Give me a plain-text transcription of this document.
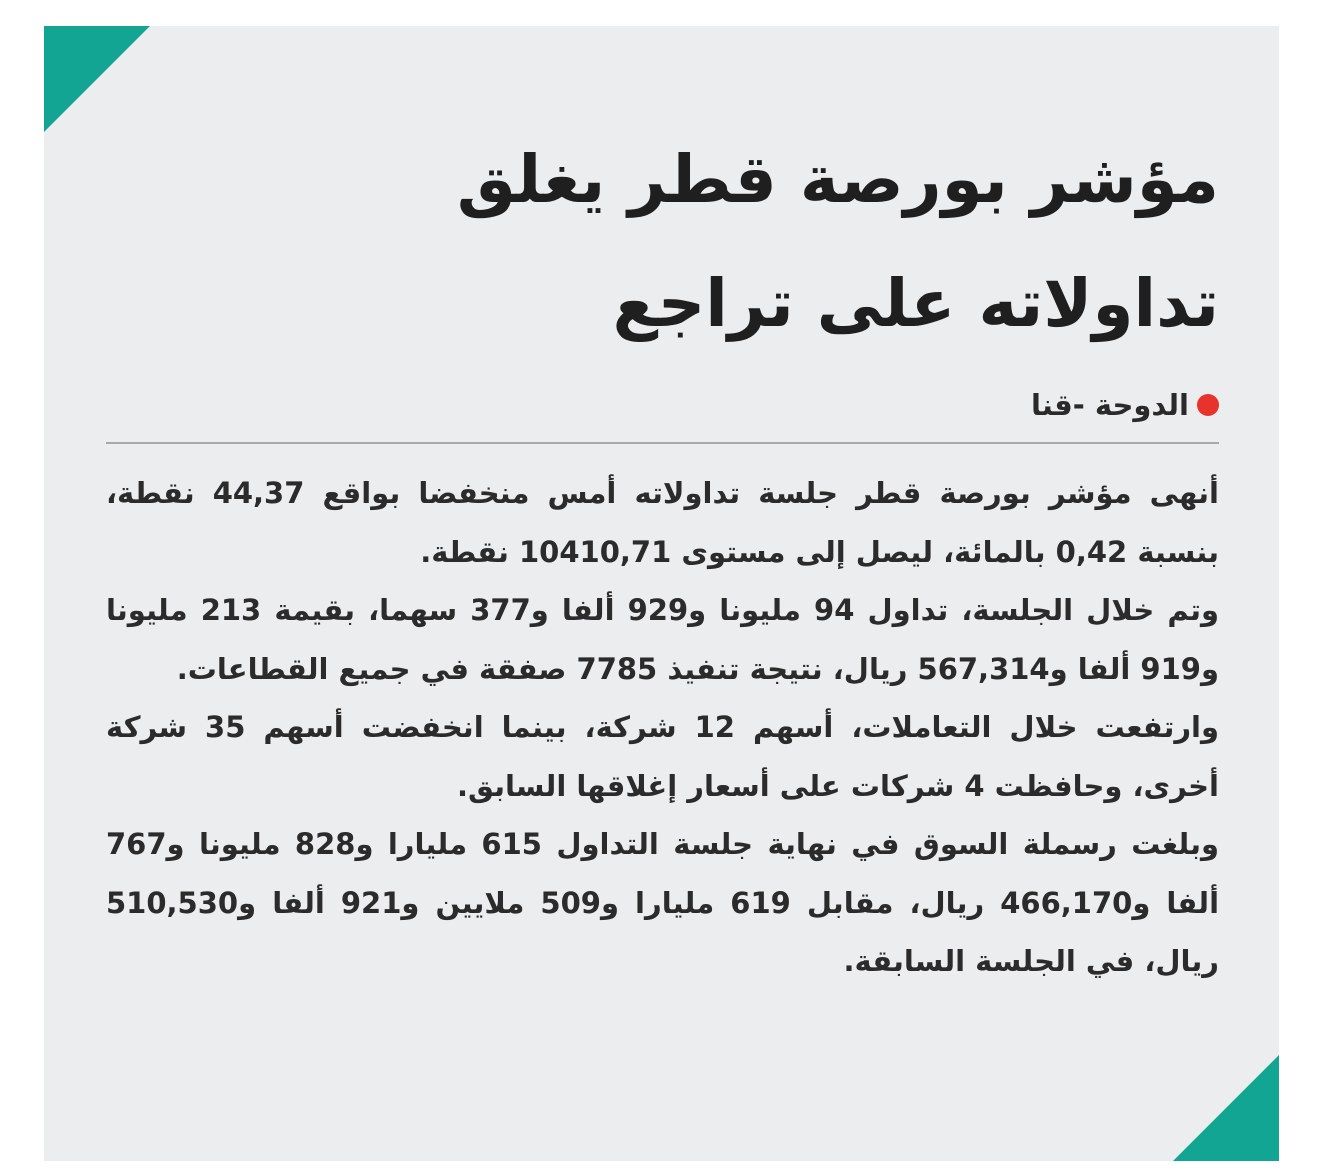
مؤشر بورصة قطر يغلق تداولاته على تراجع
الدوحة -قنا

أنهى مؤشر بورصة قطر جلسة تداولاته أمس منخفضا بواقع 44,37 نقطة، بنسبة 0,42 بالمائة، ليصل إلى مستوى 10410,71 نقطة.

وتم خلال الجلسة، تداول 94 مليونا و929 ألفا و377 سهما، بقيمة 213 مليونا و919 ألفا و567,314 ريال، نتيجة تنفيذ 7785 صفقة في جميع القطاعات.

وارتفعت خلال التعاملات، أسهم 12 شركة، بينما انخفضت أسهم 35 شركة أخرى، وحافظت 4 شركات على أسعار إغلاقها السابق.

وبلغت رسملة السوق في نهاية جلسة التداول 615 مليارا و828 مليونا و767 ألفا و466,170 ريال، مقابل 619 مليارا و509 ملايين و921 ألفا و510,530 ريال، في الجلسة السابقة.
